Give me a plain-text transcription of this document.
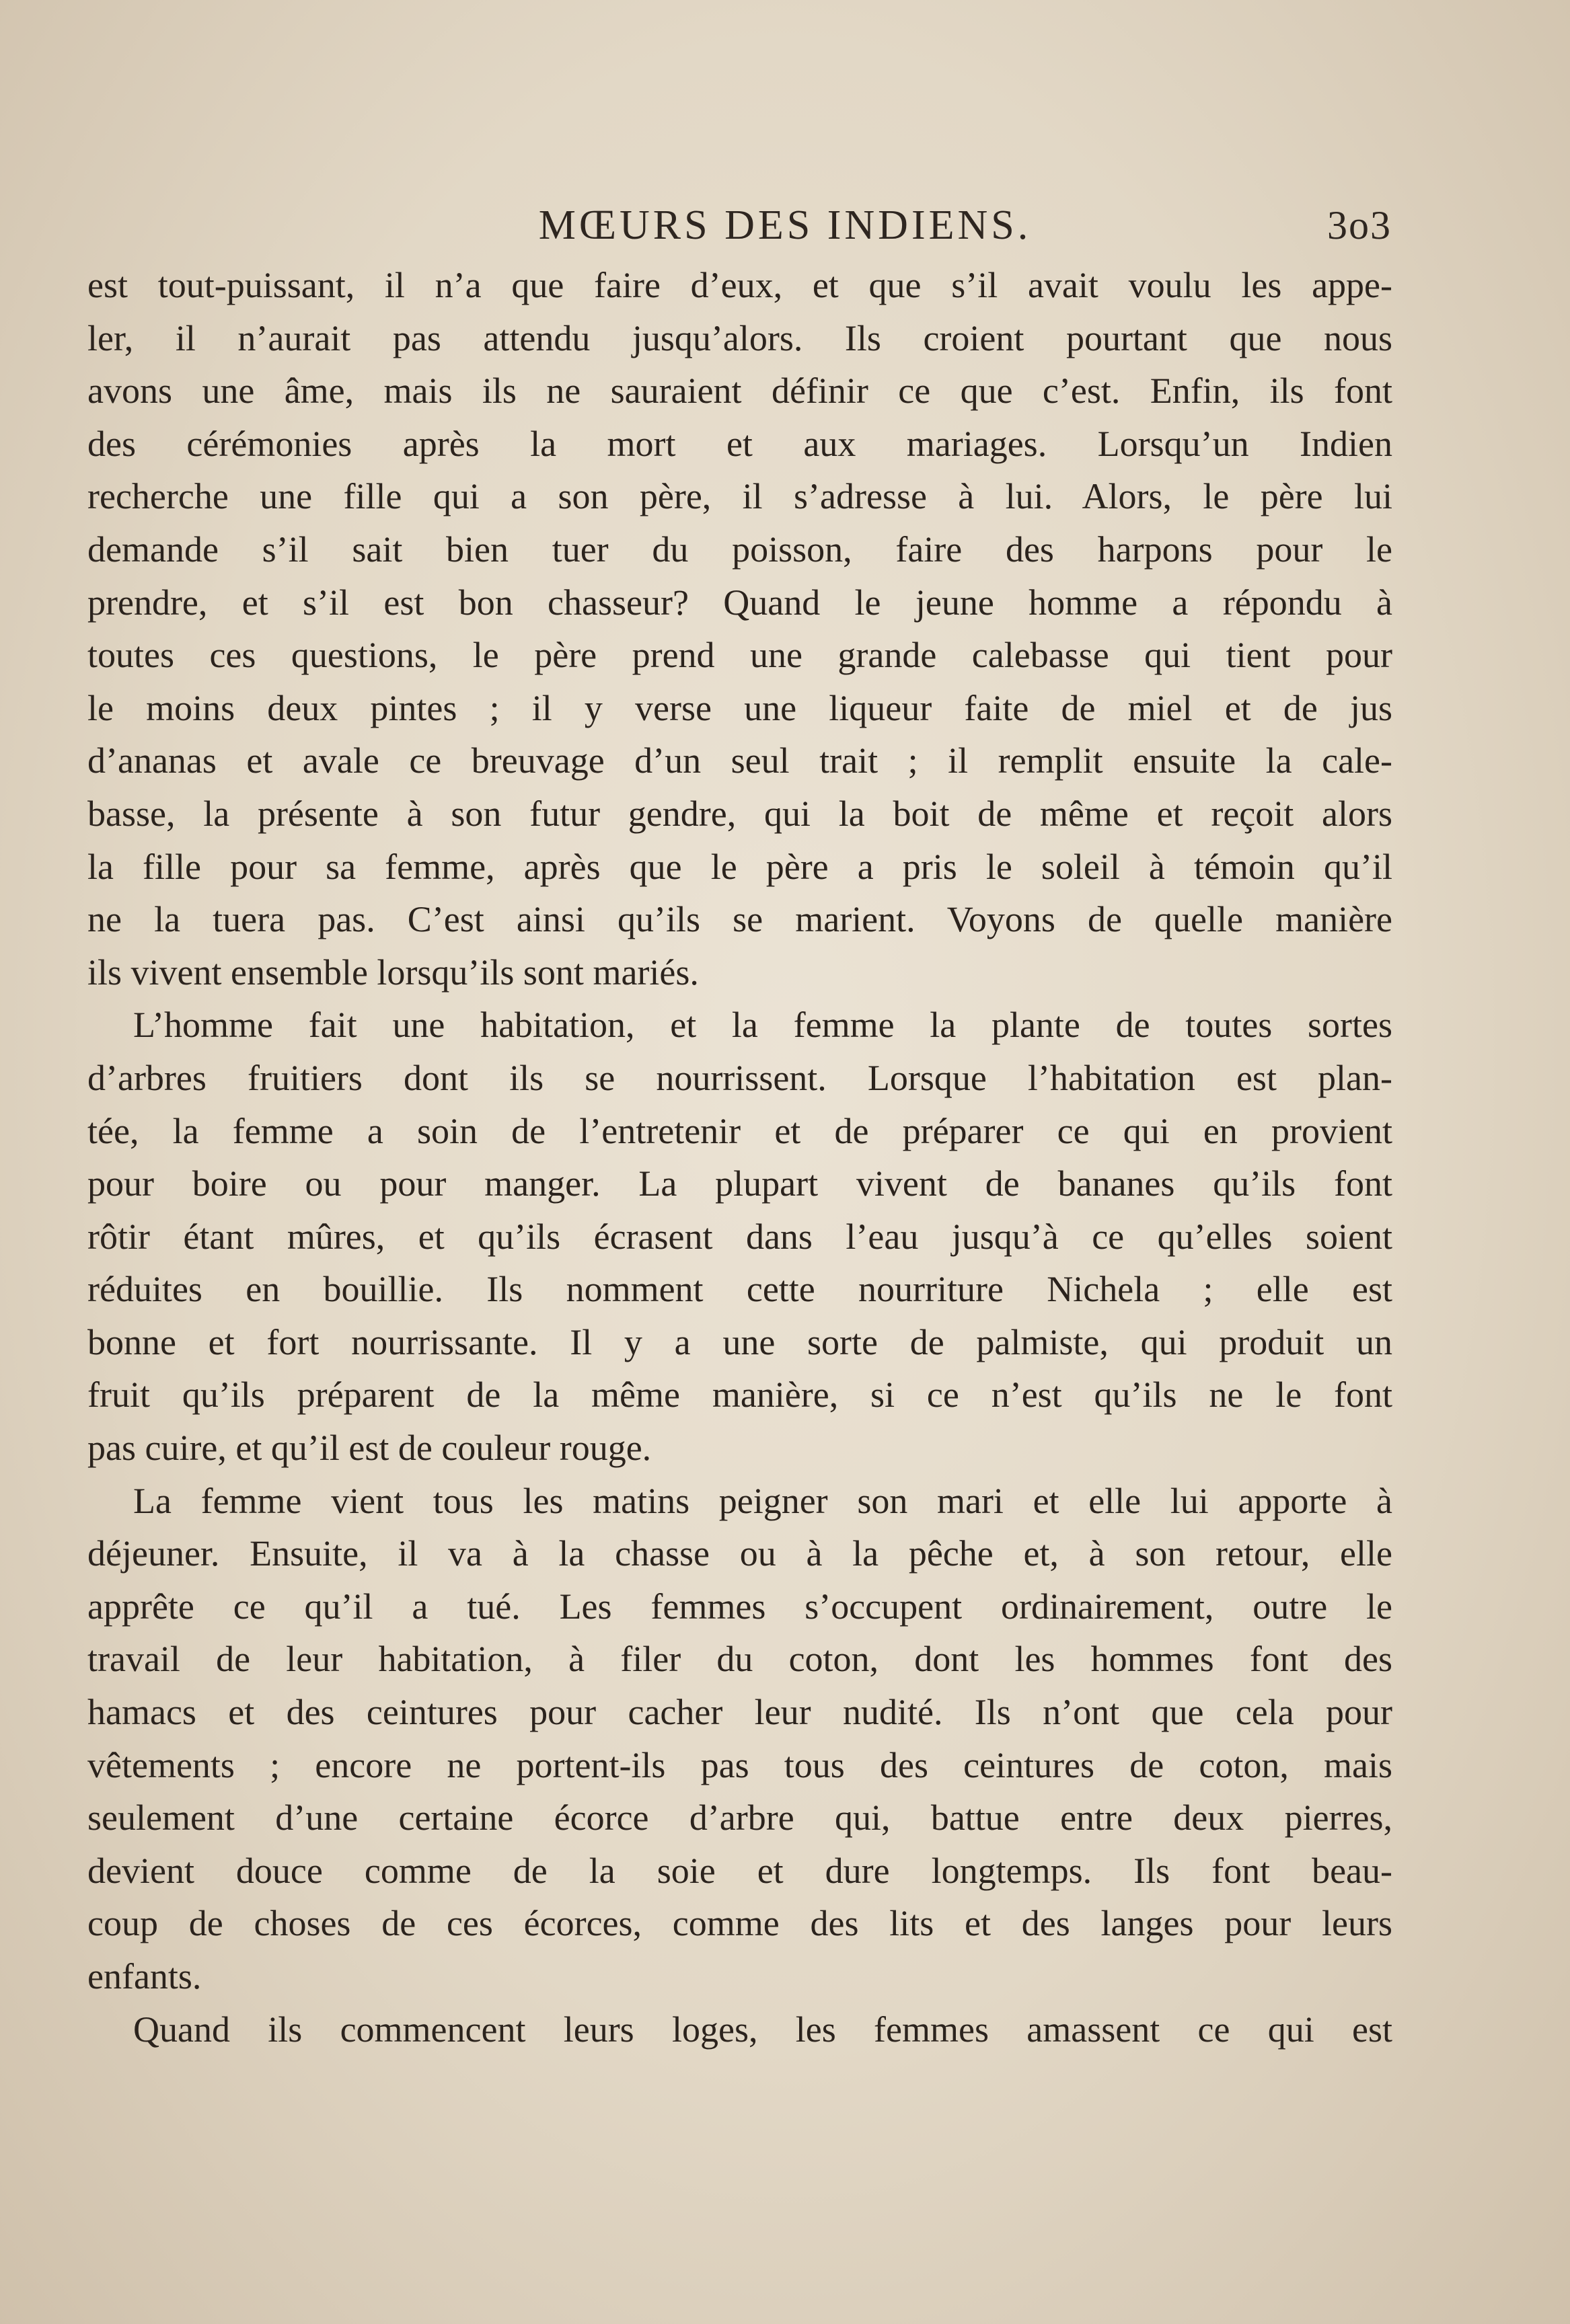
MŒURS DES INDIENS.	3o3
est tout-puissant, il n’a que faire d’eux, et que s’il avait voulu les appe-
ler, il n’aurait pas attendu jusqu’alors. Ils croient pourtant que nous
avons une âme, mais ils ne sauraient définir ce que c’est. Enfin, ils font
des cérémonies après la mort et aux mariages. Lorsqu’un Indien
recherche une fille qui a son père, il s’adresse à lui. Alors, le père lui
demande s’il sait bien tuer du poisson, faire des harpons pour le
prendre, et s’il est bon chasseur? Quand le jeune homme a répondu à
toutes ces questions, le père prend une grande calebasse qui tient pour
le moins deux pintes ; il y verse une liqueur faite de miel et de jus
d’ananas et avale ce breuvage d’un seul trait ; il remplit ensuite la cale-
basse, la présente à son futur gendre, qui la boit de même et reçoit alors
la fille pour sa femme, après que le père a pris le soleil à témoin qu’il
ne la tuera pas. C’est ainsi qu’ils se marient. Voyons de quelle manière
ils vivent ensemble lorsqu’ils sont mariés.
L’homme fait une habitation, et la femme la plante de toutes sortes
d’arbres fruitiers dont ils se nourrissent. Lorsque l’habitation est plan-
tée, la femme a soin de l’entretenir et de préparer ce qui en provient
pour boire ou pour manger. La plupart vivent de bananes qu’ils font
rôtir étant mûres, et qu’ils écrasent dans l’eau jusqu’à ce qu’elles soient
réduites en bouillie. Ils nomment cette nourriture Nichela ; elle est
bonne et fort nourrissante. Il y a une sorte de palmiste, qui produit un
fruit qu’ils préparent de la même manière, si ce n’est qu’ils ne le font
pas cuire, et qu’il est de couleur rouge.
La femme vient tous les matins peigner son mari et elle lui apporte à
déjeuner. Ensuite, il va à la chasse ou à la pêche et, à son retour, elle
apprête ce qu’il a tué. Les femmes s’occupent ordinairement, outre le
travail de leur habitation, à filer du coton, dont les hommes font des
hamacs et des ceintures pour cacher leur nudité. Ils n’ont que cela pour
vêtements ; encore ne portent-ils pas tous des ceintures de coton, mais
seulement d’une certaine écorce d’arbre qui, battue entre deux pierres,
devient douce comme de la soie et dure longtemps. Ils font beau-
coup de choses de ces écorces, comme des lits et des langes pour leurs
enfants.
Quand ils commencent leurs loges, les femmes amassent ce qui est
